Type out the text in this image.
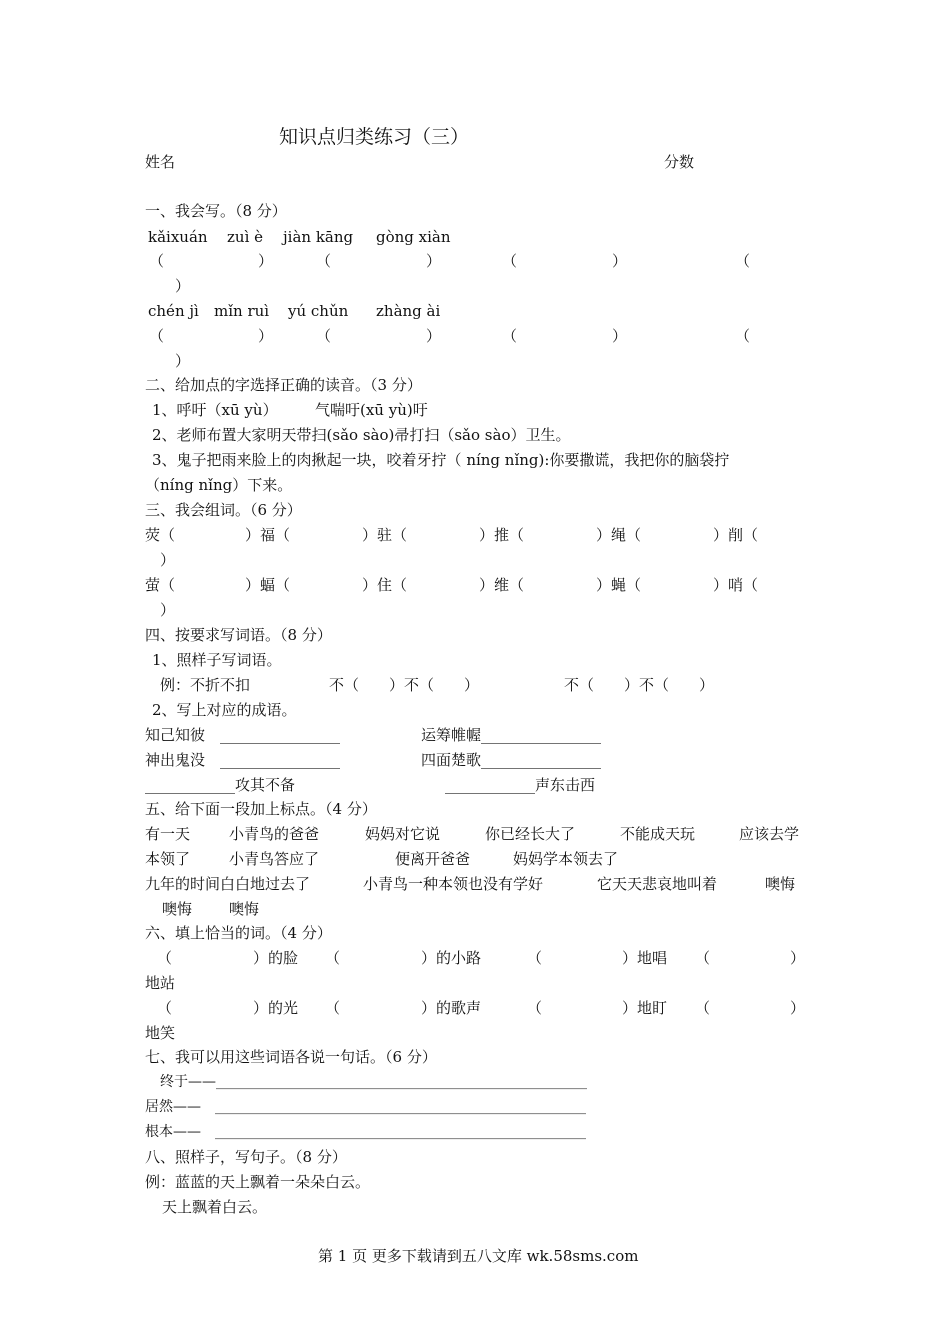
知识点归类练习（三）
姓名	分数
一、我会写。（8 分）
kǎixuán zuì è jiàn kāng gòng xiàn
（	）	（	）	（	）	（
）
chén jì mǐn ruì yú chǔn zhàng ài
（	）	（	）	（	）	（
）
二、给加点的字选择正确的读音。（3 分）
1、呼吁（xū yù） 气喘吁(xū yù)吁
2、老师布置大家明天带扫(sǎo sào)帚打扫（sǎo sào）卫生。
3、鬼子把雨来脸上的肉揪起一块，咬着牙拧（ níng nǐng):你要撒谎，我把你的脑袋拧
（níng nǐng）下来。
三、我会组词。（6 分）
荧（	）福（	）驻（	）推（	）绳（	）削（
）
萤（	）蝠（	）住（	）维（	）蝇（	）哨（
）
四、按要求写词语。（8 分）
1、照样子写词语。
例：不折不扣	不（　　）不（　　）	不（　　）不（　　）
2、写上对应的成语。
知己知彼　________________	运筹帷幄________________
神出鬼没　________________	四面楚歌________________
____________攻其不备	____________声东击西
五、给下面一段加上标点。（4 分）
有一天	小青鸟的爸爸	妈妈对它说	你已经长大了	不能成天玩	应该去学
本领了	小青鸟答应了	便离开爸爸	妈妈学本领去了
九年的时间白白地过去了	小青鸟一种本领也没有学好	它天天悲哀地叫着	噢悔
噢悔 噢悔
六、填上恰当的词。（4 分）
（	）的脸 （	）的小路	（	）地唱 （	）
地站
（	）的光 （	）的歌声	（	）地盯 （	）
地笑
七、我可以用这些词语各说一句话。（6 分）
终于——_____________________________________________________
居然——　_____________________________________________________
根本——　_____________________________________________________
八、照样子，写句子。（8 分）
例：蓝蓝的天上飘着一朵朵白云。
天上飘着白云。
第 1 页 更多下载请到五八文库 wk.58sms.com
